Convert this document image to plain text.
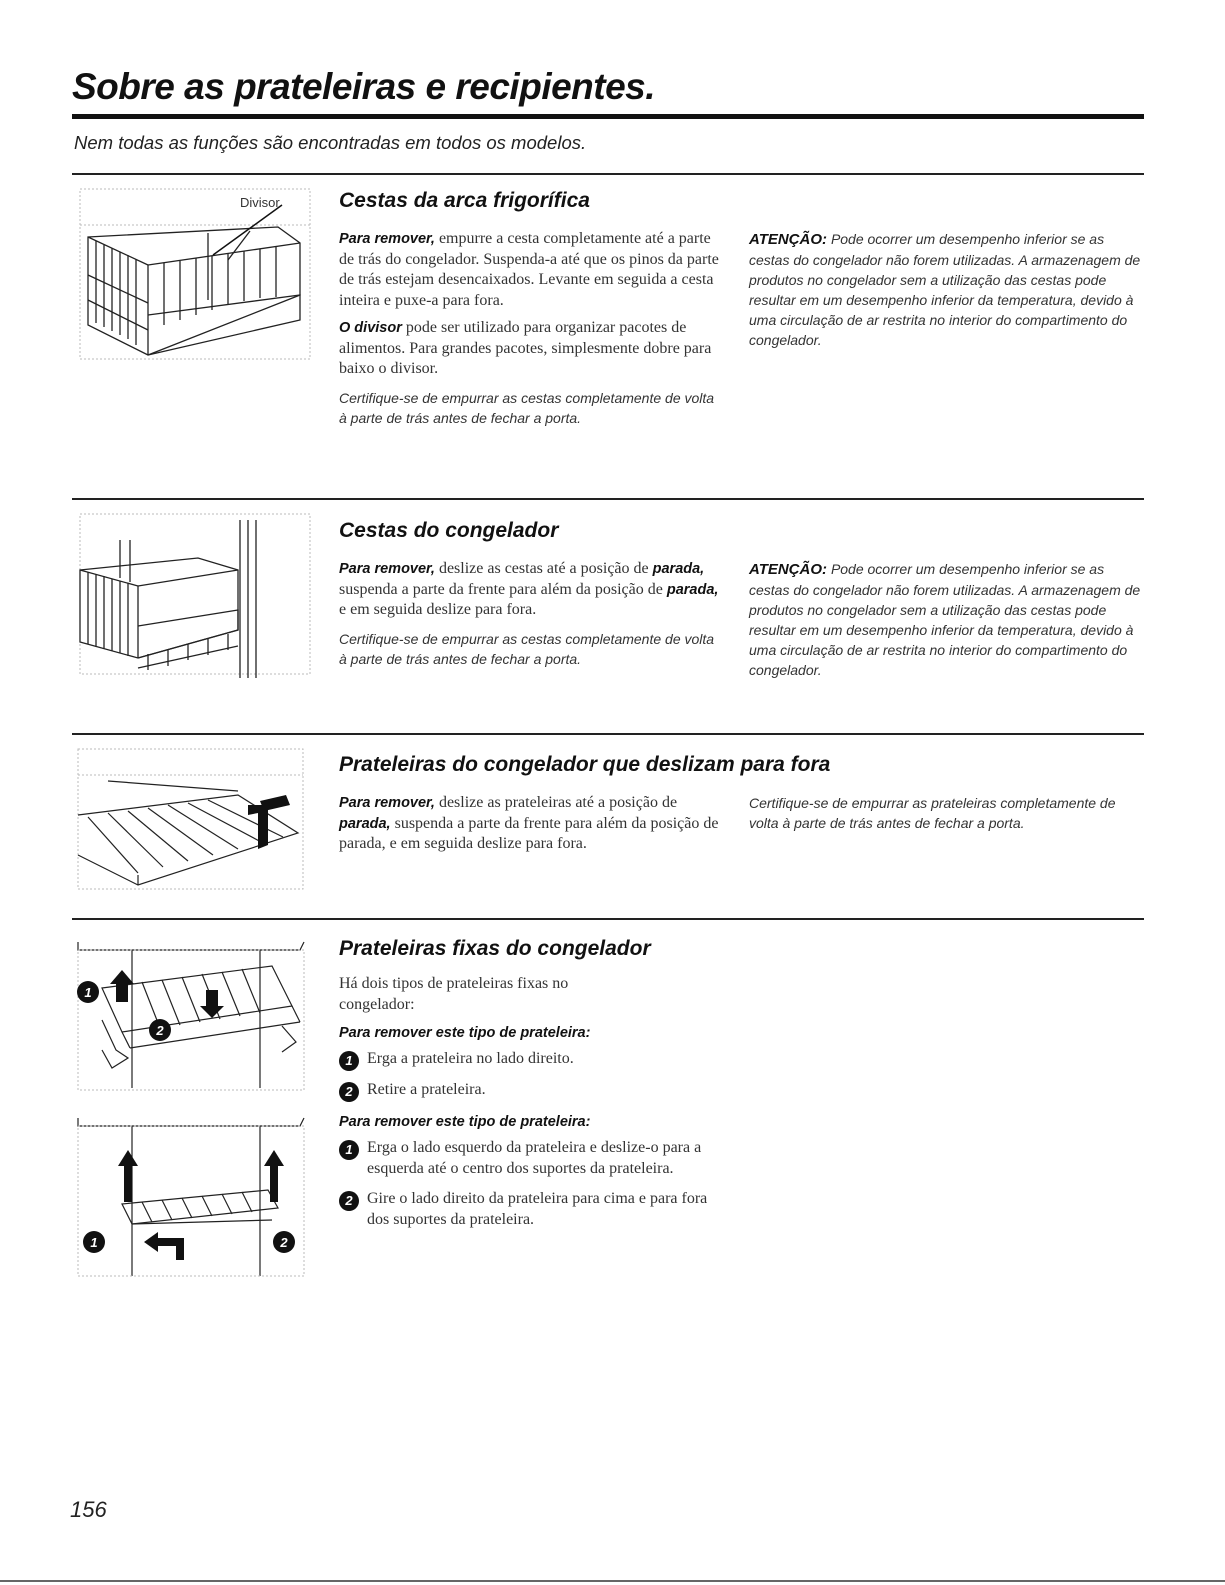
Sobre as prateleiras e recipientes.
Nem todas as funções são encontradas em todos os modelos.
Divisor	Cestas da arca frigorífica

Para remover, empurre a cesta completamente até a parte de trás do congelador. Suspenda-a até que os pinos da parte de trás estejam desencaixados. Levante em seguida a cesta inteira e puxe-a para fora.

O divisor pode ser utilizado para organizar pacotes de alimentos. Para grandes pacotes, simplesmente dobre para baixo o divisor.

Certifique-se de empurrar as cestas completamente de volta à parte de trás antes de fechar a porta.

ATENÇÃO: Pode ocorrer um desempenho inferior se as cestas do congelador não forem utilizadas. A armazenagem de produtos no congelador sem a utilização das cestas pode resultar em um desempenho inferior da temperatura, devido à uma circulação de ar restrita no interior do compartimento do congelador.

Cestas do congelador

Para remover, deslize as cestas até a posição de parada, suspenda a parte da frente para além da posição de parada, e em seguida deslize para fora.

Certifique-se de empurrar as cestas completamente de volta à parte de trás antes de fechar a porta.

ATENÇÃO: Pode ocorrer um desempenho inferior se as cestas do congelador não forem utilizadas. A armazenagem de produtos no congelador sem a utilização das cestas pode resultar em um desempenho inferior da temperatura, devido à uma circulação de ar restrita no interior do compartimento do congelador.

Prateleiras do congelador que deslizam para fora

Para remover, deslize as prateleiras até a posição de parada, suspenda a parte da frente para além da posição de parada, e em seguida deslize para fora.

Certifique-se de empurrar as prateleiras completamente de volta à parte de trás antes de fechar a porta.

1
2
1	2
Prateleiras fixas do congelador

Há dois tipos de prateleiras fixas no congelador:

Para remover este tipo de prateleira:
1 Erga a prateleira no lado direito.
2 Retire a prateleira.
Para remover este tipo de prateleira:
1 Erga o lado esquerdo da prateleira e deslize-o para a esquerda até o centro dos suportes da prateleira.
2 Gire o lado direito da prateleira para cima e para fora dos suportes da prateleira.
156
